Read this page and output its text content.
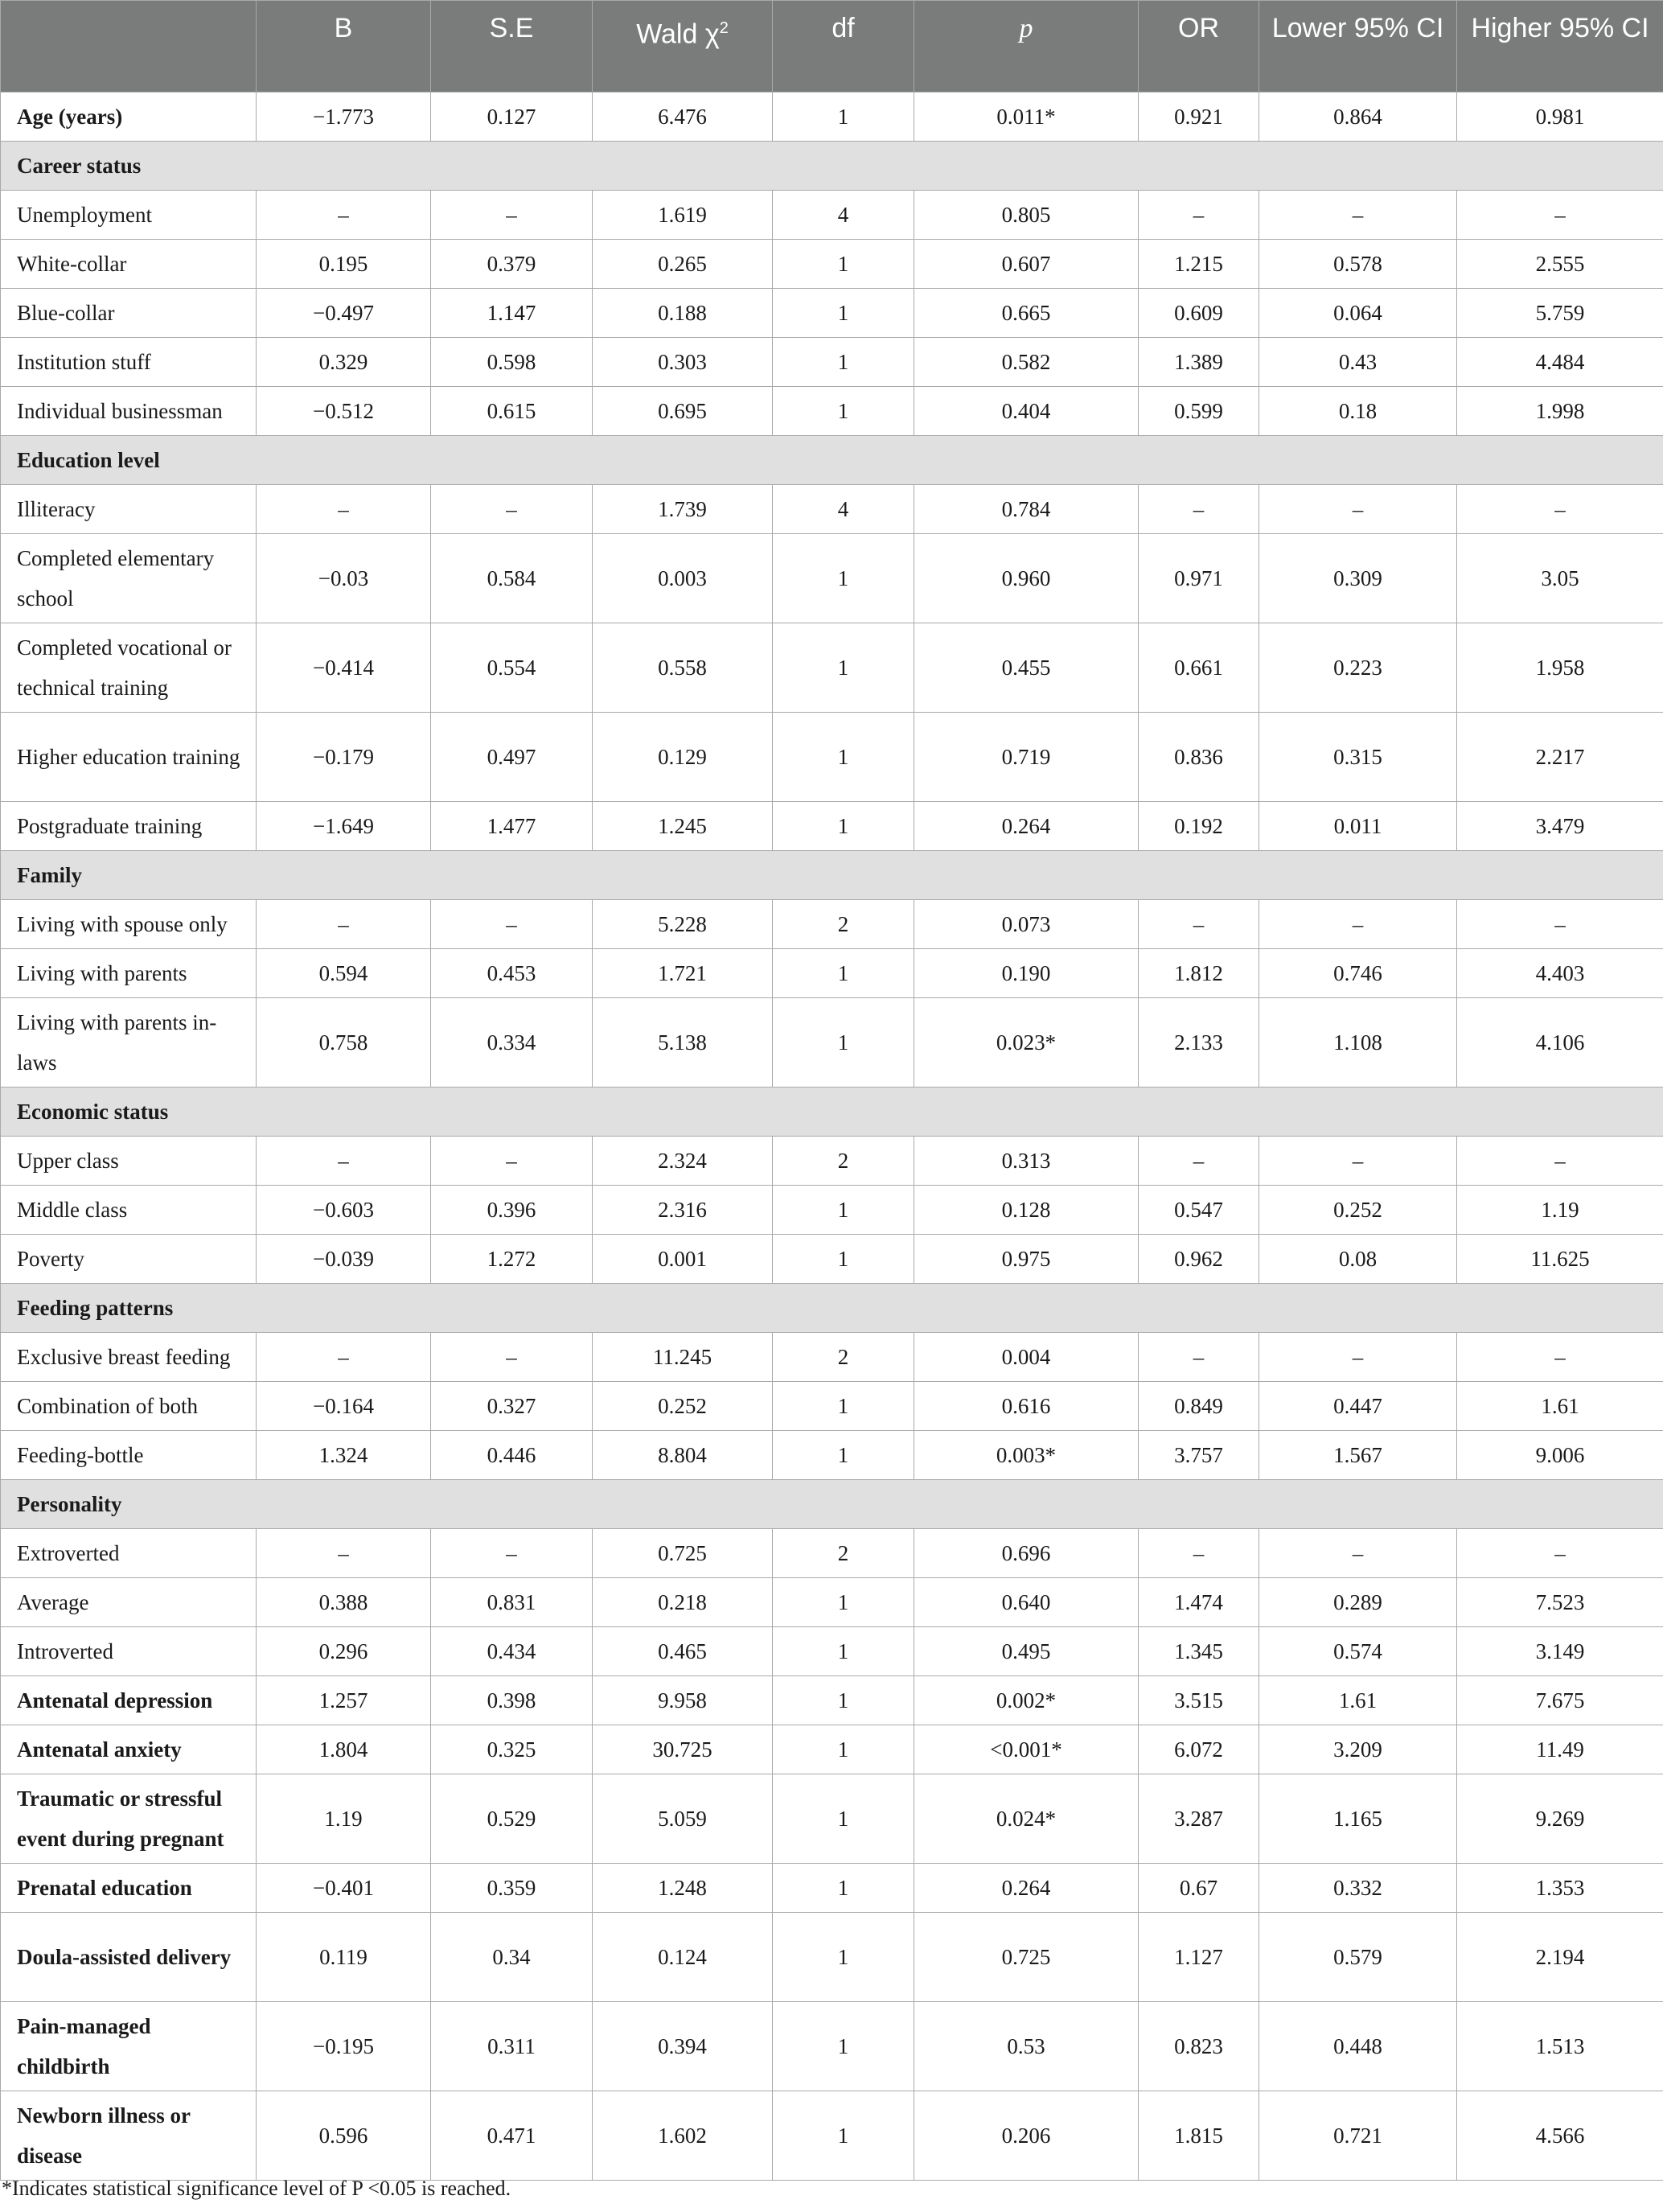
	B	S.E	Wald $\chi^2$	df	p	OR	Lower 95% CI	Higher 95% CI
Age (years)	−1.773	0.127	6.476	1	0.011*	0.921	0.864	0.981
Career status								
Unemployment	–	–	1.619	4	0.805	–	–	–
White-collar	0.195	0.379	0.265	1	0.607	1.215	0.578	2.555
Blue-collar	−0.497	1.147	0.188	1	0.665	0.609	0.064	5.759
Institution stuff	0.329	0.598	0.303	1	0.582	1.389	0.43	4.484
Individual businessman	−0.512	0.615	0.695	1	0.404	0.599	0.18	1.998
Education level								
Illiteracy	–	–	1.739	4	0.784	–	–	–
Completed elementary school	−0.03	0.584	0.003	1	0.960	0.971	0.309	3.05
Completed vocational or technical training	−0.414	0.554	0.558	1	0.455	0.661	0.223	1.958
Higher education training	−0.179	0.497	0.129	1	0.719	0.836	0.315	2.217
Postgraduate training	−1.649	1.477	1.245	1	0.264	0.192	0.011	3.479
Family								
Living with spouse only	–	–	5.228	2	0.073	–	–	–
Living with parents	0.594	0.453	1.721	1	0.190	1.812	0.746	4.403
Living with parents in-laws	0.758	0.334	5.138	1	0.023*	2.133	1.108	4.106
Economic status								
Upper class	–	–	2.324	2	0.313	–	–	–
Middle class	−0.603	0.396	2.316	1	0.128	0.547	0.252	1.19
Poverty	−0.039	1.272	0.001	1	0.975	0.962	0.08	11.625
Feeding patterns								
Exclusive breast feeding	–	–	11.245	2	0.004	–	–	–
Combination of both	−0.164	0.327	0.252	1	0.616	0.849	0.447	1.61
Feeding-bottle	1.324	0.446	8.804	1	0.003*	3.757	1.567	9.006
Personality								
Extroverted	–	–	0.725	2	0.696	–	–	–
Average	0.388	0.831	0.218	1	0.640	1.474	0.289	7.523
Introverted	0.296	0.434	0.465	1	0.495	1.345	0.574	3.149
Antenatal depression	1.257	0.398	9.958	1	0.002*	3.515	1.61	7.675
Antenatal anxiety	1.804	0.325	30.725	1	<0.001*	6.072	3.209	11.49
Traumatic or stressful event during pregnant	1.19	0.529	5.059	1	0.024*	3.287	1.165	9.269
Prenatal education	−0.401	0.359	1.248	1	0.264	0.67	0.332	1.353
Doula-assisted delivery	0.119	0.34	0.124	1	0.725	1.127	0.579	2.194
Pain-managed childbirth	−0.195	0.311	0.394	1	0.53	0.823	0.448	1.513
Newborn illness or disease	0.596	0.471	1.602	1	0.206	1.815	0.721	4.566
*Indicates statistical significance level of P <0.05 is reached.
